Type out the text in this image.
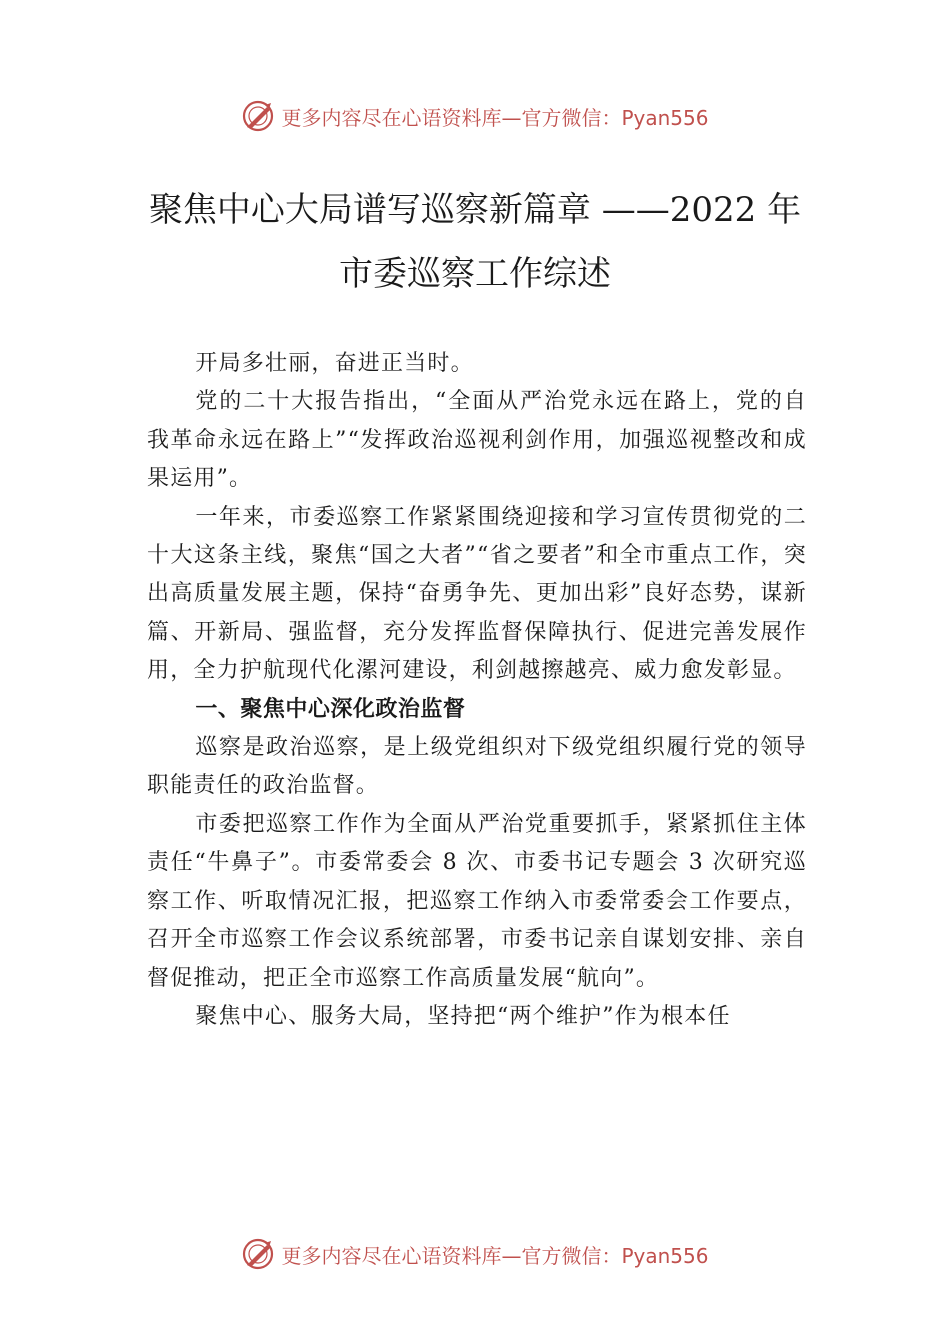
更多内容尽在心语资料库—官方微信：Pyan556
聚焦中心大局谱写巡察新篇章 ——2022 年
市委巡察工作综述

开局多壮丽，奋进正当时。

党的二十大报告指出，“全面从严治党永远在路上，党的自我革命永远在路上”“发挥政治巡视利剑作用，加强巡视整改和成果运用”。

一年来，市委巡察工作紧紧围绕迎接和学习宣传贯彻党的二十大这条主线，聚焦“国之大者”“省之要者”和全市重点工作，突出高质量发展主题，保持“奋勇争先、更加出彩”良好态势，谋新篇、开新局、强监督，充分发挥监督保障执行、促进完善发展作用，全力护航现代化漯河建设，利剑越擦越亮、威力愈发彰显。

一、聚焦中心深化政治监督

巡察是政治巡察，是上级党组织对下级党组织履行党的领导职能责任的政治监督。

市委把巡察工作作为全面从严治党重要抓手，紧紧抓住主体责任“牛鼻子”。市委常委会 8 次、市委书记专题会 3 次研究巡察工作、听取情况汇报，把巡察工作纳入市委常委会工作要点，召开全市巡察工作会议系统部署，市委书记亲自谋划安排、亲自督促推动，把正全市巡察工作高质量发展“航向”。

聚焦中心、服务大局，坚持把“两个维护”作为根本任

更多内容尽在心语资料库—官方微信：Pyan556
